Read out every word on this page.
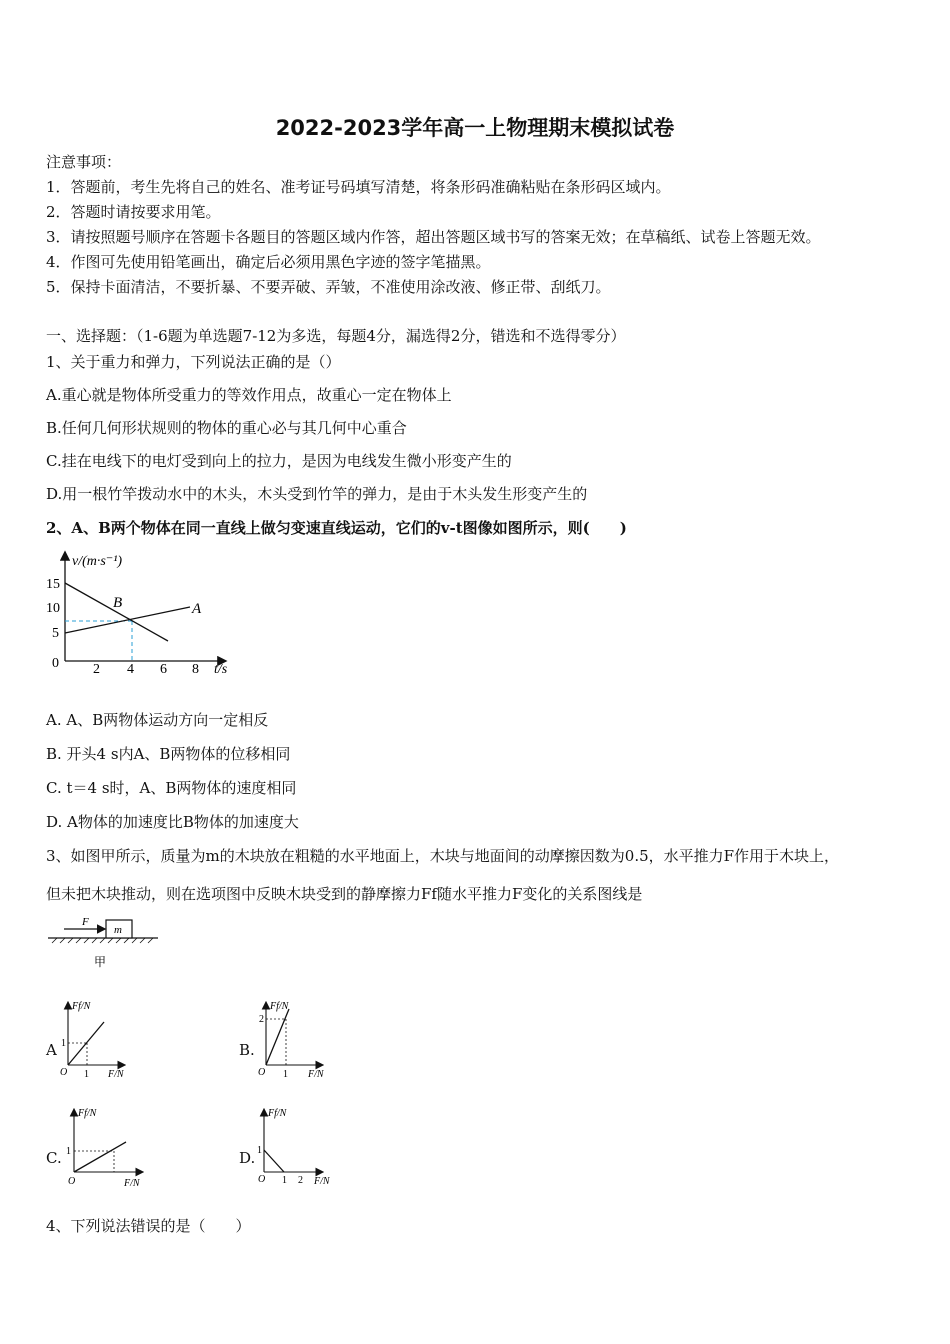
2022-2023学年高一上物理期末模拟试卷
注意事项：
1．答题前，考生先将自己的姓名、准考证号码填写清楚，将条形码准确粘贴在条形码区域内。
2．答题时请按要求用笔。
3．请按照题号顺序在答题卡各题目的答题区域内作答，超出答题区域书写的答案无效；在草稿纸、试卷上答题无效。
4．作图可先使用铅笔画出，确定后必须用黑色字迹的签字笔描黑。
5．保持卡面清洁，不要折暴、不要弄破、弄皱，不准使用涂改液、修正带、刮纸刀。
一、选择题：（1-6题为单选题7-12为多选，每题4分，漏选得2分，错选和不选得零分）
1、关于重力和弹力，下列说法正确的是（）
A.重心就是物体所受重力的等效作用点，故重心一定在物体上
B.任何几何形状规则的物体的重心必与其几何中心重合
C.挂在电线下的电灯受到向上的拉力，是因为电线发生微小形变产生的
D.用一根竹竿拨动水中的木头，木头受到竹竿的弹力，是由于木头发生形变产生的
2、A、B两个物体在同一直线上做匀变速直线运动，它们的v-t图像如图所示，则(　　)
v/(m·s⁻¹)
t/s
0
15
10
5
2 4 6 8
A
B
A. A、B两物体运动方向一定相反
B. 开头4 s内A、B两物体的位移相同
C. t＝4 s时，A、B两物体的速度相同
D. A物体的加速度比B物体的加速度大
3、如图甲所示，质量为m的木块放在粗糙的水平地面上，木块与地面间的动摩擦因数为0.5，水平推力F作用于木块上，
但未把木块推动，则在选项图中反映木块受到的静摩擦力Ff随水平推力F变化的关系图线是
F
m
甲
A
Ff/N
F/N
O
1
1
B.
Ff/N
F/N
O
2
1
C.
Ff/N
F/N
O
1	D.
Ff/N
F/N
O
1
1 2
4、下列说法错误的是（　　）
